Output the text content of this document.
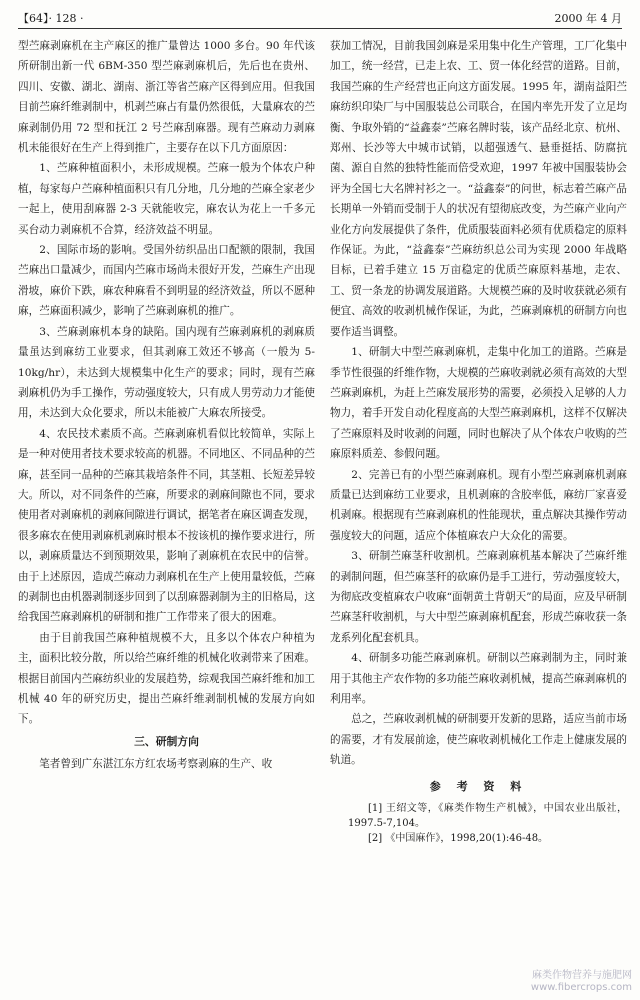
【64】· 128 ·	2000 年 4 月

型苎麻剥麻机在主产麻区的推广量曾达 1000 多台。90 年代该所研制出新一代 6BM-350 型苎麻剥麻机后，先后也在贵州、四川、安徽、湖北、湖南、浙江等省苎麻产区得到应用。但我国目前苎麻纤维剥制中，机剥苎麻占有量仍然很低，大量麻农的苎麻剥制仍用 72 型和抚江 2 号苎麻刮麻器。现有苎麻动力剥麻机未能很好在生产上得到推广，主要存在以下几方面原因：

1、苎麻种植面积小，未形成规模。苎麻一般为个体农户种植，每家每户苎麻种植面积只有几分地，几分地的苎麻全家老少一起上，使用刮麻器 2-3 天就能收完，麻农认为花上一千多元买台动力剥麻机不合算，经济效益不明显。

2、国际市场的影响。受国外纺织品出口配额的限制，我国苎麻出口量减少，而国内苎麻市场尚未很好开发，苎麻生产出现滑坡，麻价下跌，麻农种麻看不到明显的经济效益，所以不愿种麻，苎麻面积减少，影响了苎麻剥麻机的推广。

3、苎麻剥麻机本身的缺陷。国内现有苎麻剥麻机的剥麻质量虽达到麻纺工业要求，但其剥麻工效还不够高（一般为 5-10kg/hr），未达到大规模集中化生产的要求；同时，现有苎麻剥麻机仍为手工操作，劳动强度较大，只有成人男劳动力才能使用，未达到大众化要求，所以未能被广大麻农所接受。

4、农民技术素质不高。苎麻剥麻机看似比较简单，实际上是一种对使用者技术要求较高的机器。不同地区、不同品种的苎麻，甚至同一品种的苎麻其栽培条件不同，其茎粗、长短差异较大。所以，对不同条件的苎麻，所要求的剥麻间隙也不同，要求使用者对剥麻机的剥麻间隙进行调试，据笔者在麻区调查发现，很多麻农在使用剥麻机剥麻时根本不按该机的操作要求进行，所以，剥麻质量达不到预期效果，影响了剥麻机在农民中的信誉。由于上述原因，造成苎麻动力剥麻机在生产上使用量较低，苎麻的剥制也由机器剥制逐步回到了以刮麻器剥制为主的旧格局，这给我国苎麻剥麻机的研制和推广工作带来了很大的困难。

由于目前我国苎麻种植规模不大，且多以个体农户种植为主，面积比较分散，所以给苎麻纤维的机械化收剥带来了困难。根据目前国内苎麻纺织业的发展趋势，综观我国苎麻纤维和加工机械 40 年的研究历史，提出苎麻纤维剥制机械的发展方向如下。

三、研制方向

笔者曾到广东湛江东方红农场考察剥麻的生产、收

获加工情况，目前我国剑麻是采用集中化生产管理，工厂化集中加工，统一经营，已走上农、工、贸一体化经营的道路。目前，我国苎麻的生产经营也正向这方面发展。1995 年，湖南益阳苎麻纺织印染厂与中国服装总公司联合，在国内率先开发了立足均衡、争取外销的“益鑫泰”苎麻名牌时装，该产品经北京、杭州、郑州、长沙等大中城市试销，以超强透气、悬垂挺括、防腐抗菌、源自自然的独特性能而倍受欢迎，1997 年被中国服装协会评为全国七大名牌衬衫之一。“益鑫泰”的问世，标志着苎麻产品长期单一外销而受制于人的状况有望彻底改变，为苎麻产业向产业化方向发展提供了条件，优质服装面料必须有优质稳定的原料作保证。为此，“益鑫泰”苎麻纺织总公司为实现 2000 年战略目标，已着手建立 15 万亩稳定的优质苎麻原料基地，走农、工、贸一条龙的协调发展道路。大规模苎麻的及时收获就必须有便宜、高效的收剥机械作保证，为此，苎麻剥麻机的研制方向也要作适当调整。

1、研制大中型苎麻剥麻机，走集中化加工的道路。苎麻是季节性很强的纤维作物，大规模的苎麻收剥就必须有高效的大型苎麻剥麻机，为赶上苎麻发展形势的需要，必须投入足够的人力物力，着手开发自动化程度高的大型苎麻剥麻机，这样不仅解决了苎麻原料及时收剥的问题，同时也解决了从个体农户收购的苎麻原料质差、参假问题。

2、完善已有的小型苎麻剥麻机。现有小型苎麻剥麻机剥麻质量已达到麻纺工业要求，且机剥麻的含胶率低，麻纺厂家喜爱机剥麻。根据现有苎麻剥麻机的性能现状，重点解决其操作劳动强度较大的问题，适应个体植麻农户大众化的需要。

3、研制苎麻茎秆收割机。苎麻剥麻机基本解决了苎麻纤维的剥制问题，但苎麻茎秆的砍麻仍是手工进行，劳动强度较大，为彻底改变植麻农户收麻“面朝黄土背朝天”的局面，应及早研制苎麻茎秆收割机，与大中型苎麻剥麻机配套，形成苎麻收获一条龙系列化配套机具。

4、研制多功能苎麻剥麻机。研制以苎麻剥制为主，同时兼用于其他主产农作物的多功能苎麻收剥机械，提高苎麻剥麻机的利用率。

总之，苎麻收剥机械的研制要开发新的思路，适应当前市场的需要，才有发展前途，使苎麻收剥机械化工作走上健康发展的轨道。

参 考 资 料

[1] 王绍文等，《麻类作物生产机械》，中国农业出版社，1997.5-7,104。

[2] 《中国麻作》，1998,20(1):46-48。

麻类作物营养与施肥网
www.fibercrops.com
